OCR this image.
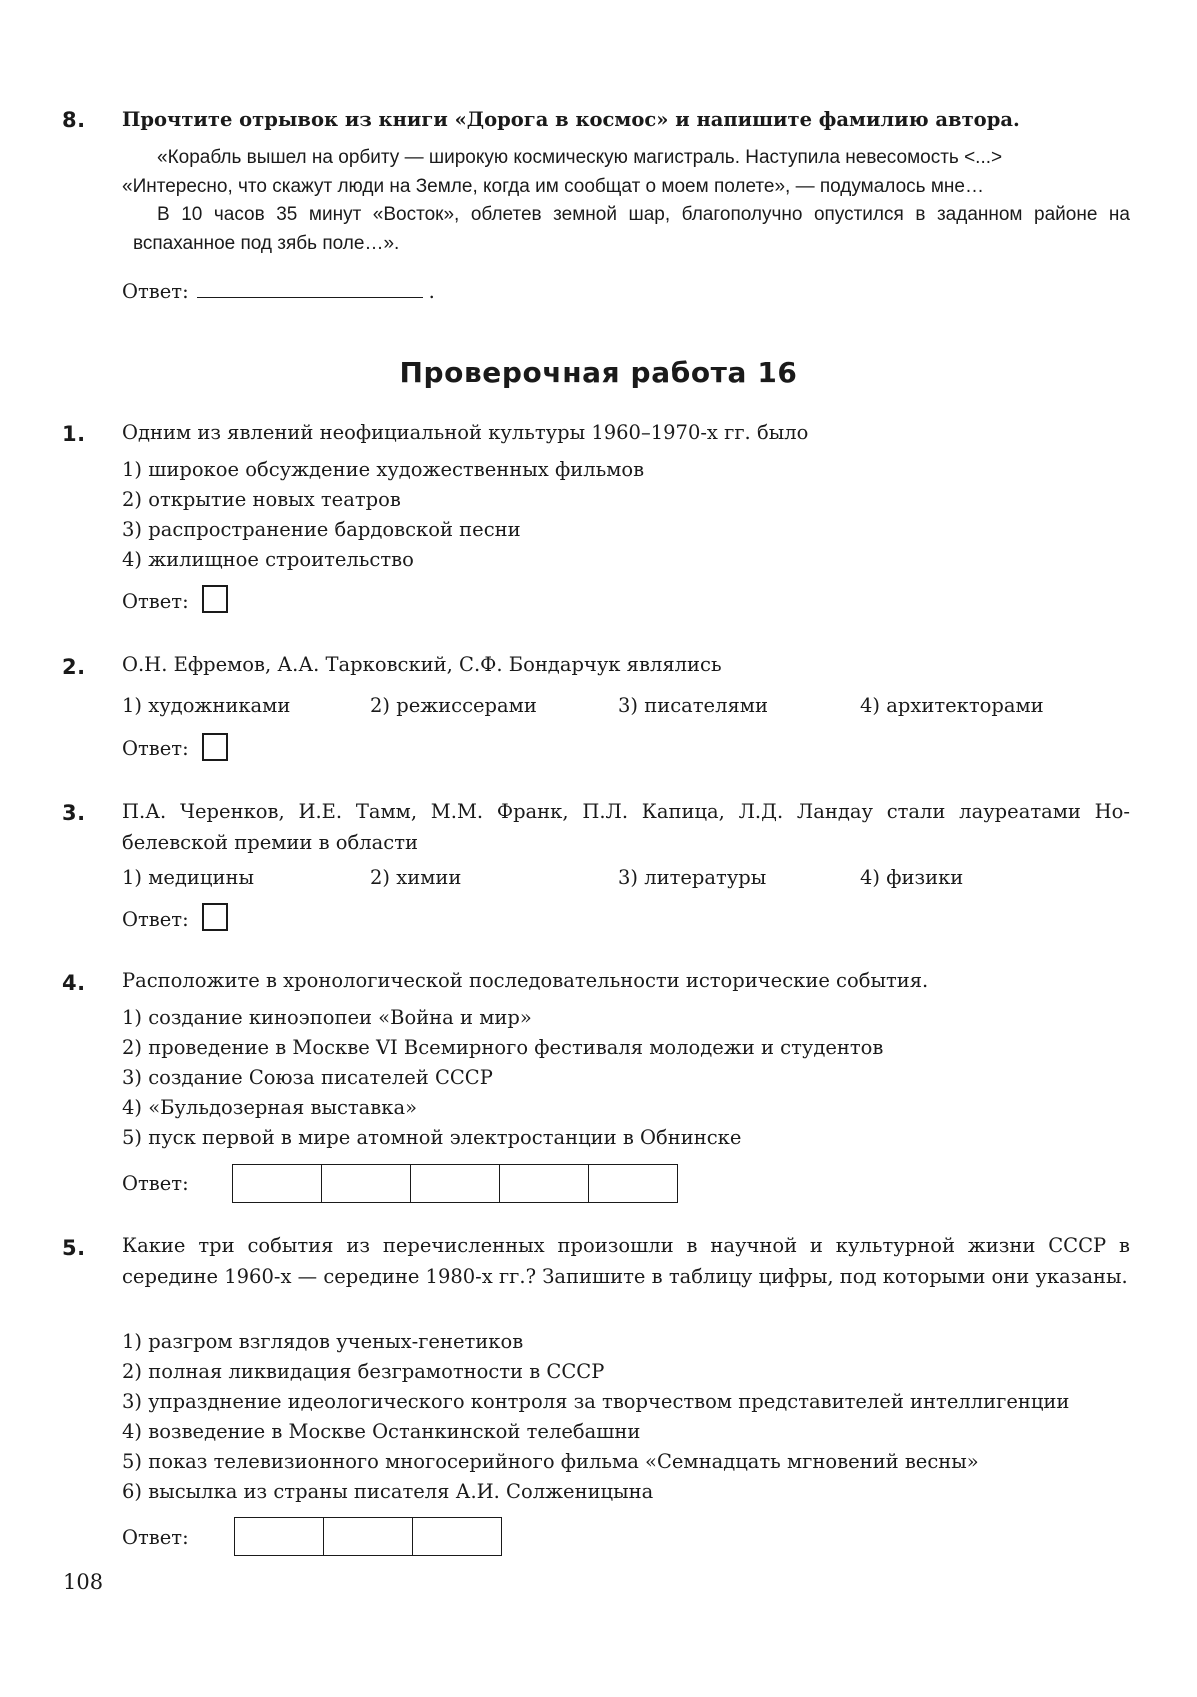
8. Прочтите отрывок из книги «Дорога в космос» и напишите фамилию автора.

«Корабль вышел на орбиту — широкую космическую магистраль. Наступила невесомость <...>

«Интересно, что скажут люди на Земле, когда им сообщат о моем полете», — подумалось мне…

В 10 часов 35 минут «Восток», облетев земной шар, благополучно опустился в заданном районе на вспаханное под зябь поле…».

Ответ:	.
Проверочная работа 16
1. Одним из явлений неофициальной культуры 1960–1970-х гг. было
1) широкое обсуждение художественных фильмов
2) открытие новых театров
3) распространение бардовской песни
4) жилищное строительство
Ответ:
2. О.Н. Ефремов, А.А. Тарковский, С.Ф. Бондарчук являлись
1) художниками	2) режиссерами	3) писателями	4) архитекторами
Ответ:
3. П.А. Черенков, И.Е. Тамм, М.М. Франк, П.Л. Капица, Л.Д. Ландау стали лауреатами Но-
белевской премии в области
1) медицины	2) химии	3) литературы	4) физики
Ответ:
4. Расположите в хронологической последовательности исторические события.
1) создание киноэпопеи «Война и мир»
2) проведение в Москве VI Всемирного фестиваля молодежи и студентов
3) создание Союза писателей СССР
4) «Бульдозерная выставка»
5) пуск первой в мире атомной электростанции в Обнинске
Ответ:
5. Какие три события из перечисленных произошли в научной и культурной жизни СССР в середине 1960-х — середине 1980-х гг.? Запишите в таблицу цифры, под которыми они указаны.
1) разгром взглядов ученых-генетиков
2) полная ликвидация безграмотности в СССР
3) упразднение идеологического контроля за творчеством представителей интеллигенции
4) возведение в Москве Останкинской телебашни
5) показ телевизионного многосерийного фильма «Семнадцать мгновений весны»
6) высылка из страны писателя А.И. Солженицына
Ответ:
108
